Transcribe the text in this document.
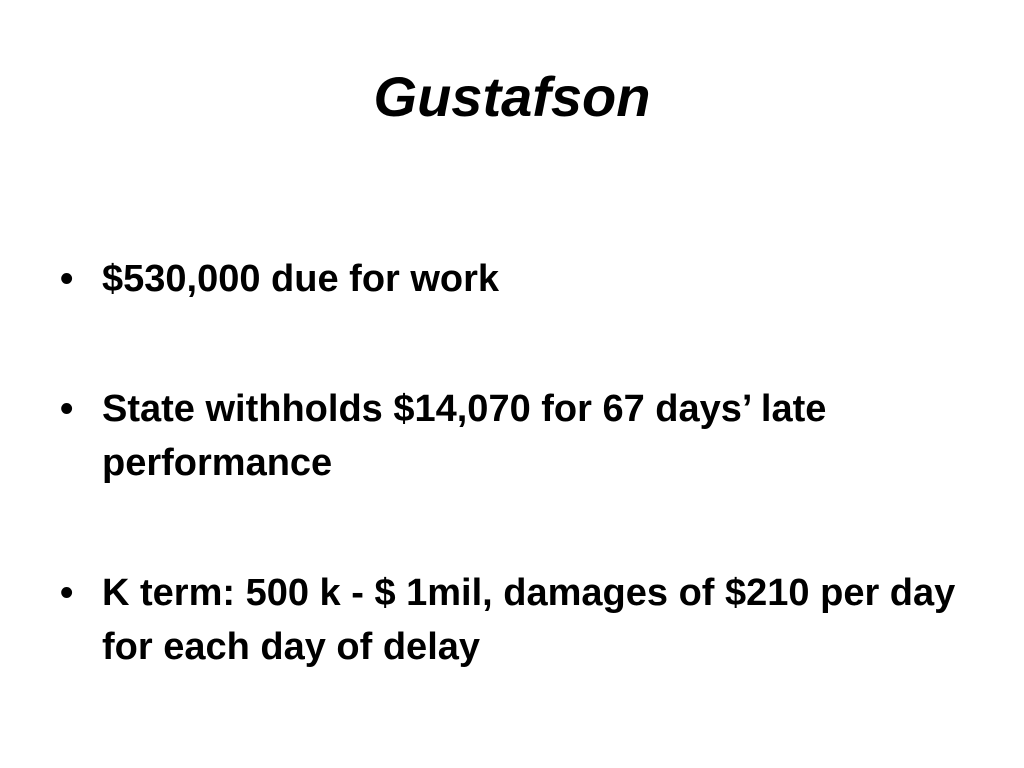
Gustafson
• $530,000 due for work
• State withholds $14,070 for 67 days’ late performance
• K term: 500 k - $ 1mil, damages of $210 per day for each day of delay
